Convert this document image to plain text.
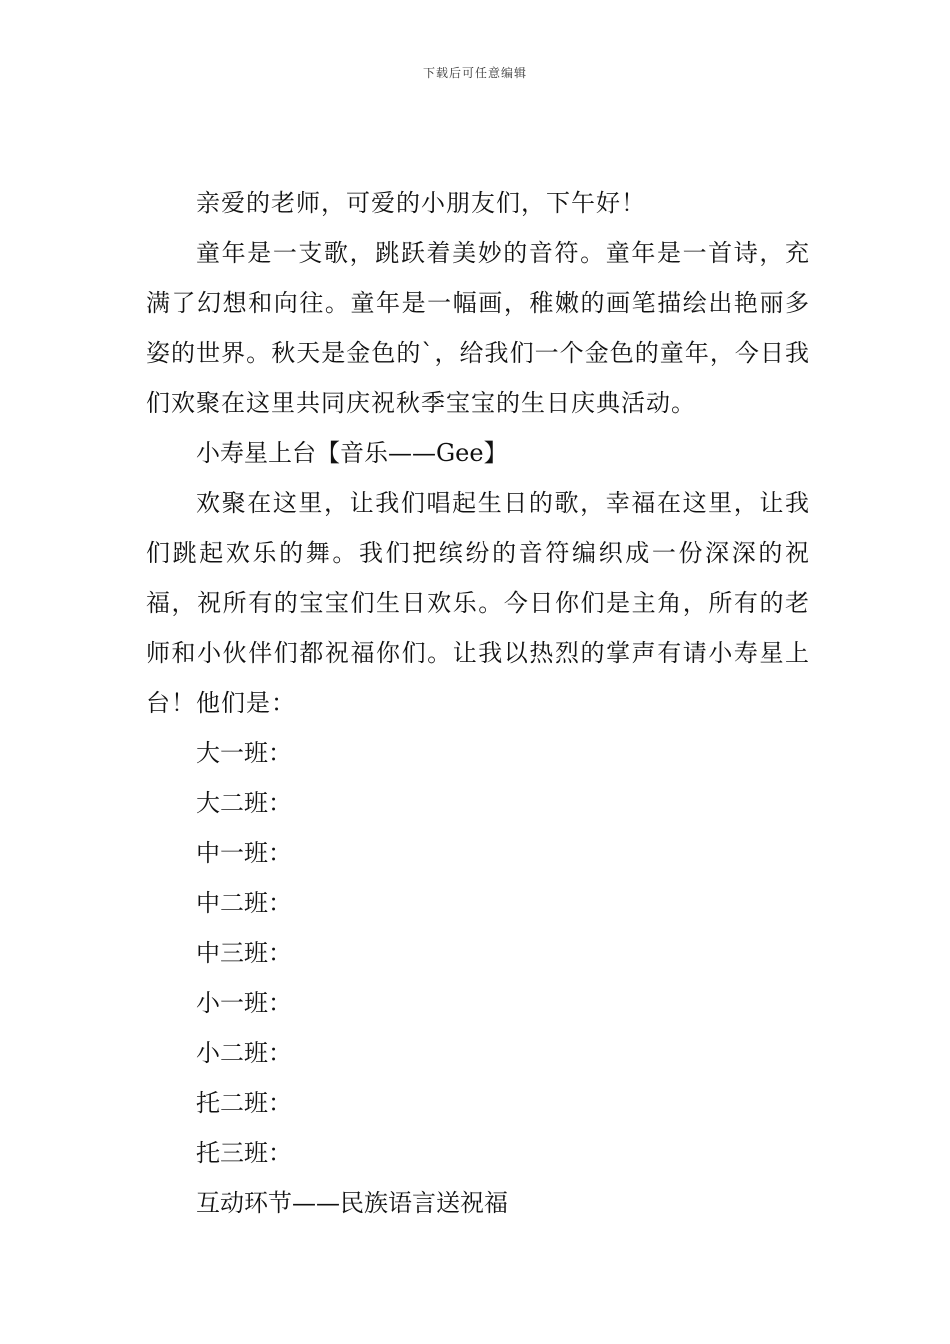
下载后可任意编辑

亲爱的老师，可爱的小朋友们，下午好！

童年是一支歌，跳跃着美妙的音符。童年是一首诗，充满了幻想和向往。童年是一幅画，稚嫩的画笔描绘出艳丽多姿的世界。秋天是金色的`，给我们一个金色的童年，今日我们欢聚在这里共同庆祝秋季宝宝的生日庆典活动。

小寿星上台【音乐——Gee】

欢聚在这里，让我们唱起生日的歌，幸福在这里，让我们跳起欢乐的舞。我们把缤纷的音符编织成一份深深的祝福，祝所有的宝宝们生日欢乐。今日你们是主角，所有的老师和小伙伴们都祝福你们。让我以热烈的掌声有请小寿星上台！他们是：

大一班：

大二班：

中一班：

中二班：

中三班：

小一班：

小二班：

托二班：

托三班：

互动环节——民族语言送祝福
